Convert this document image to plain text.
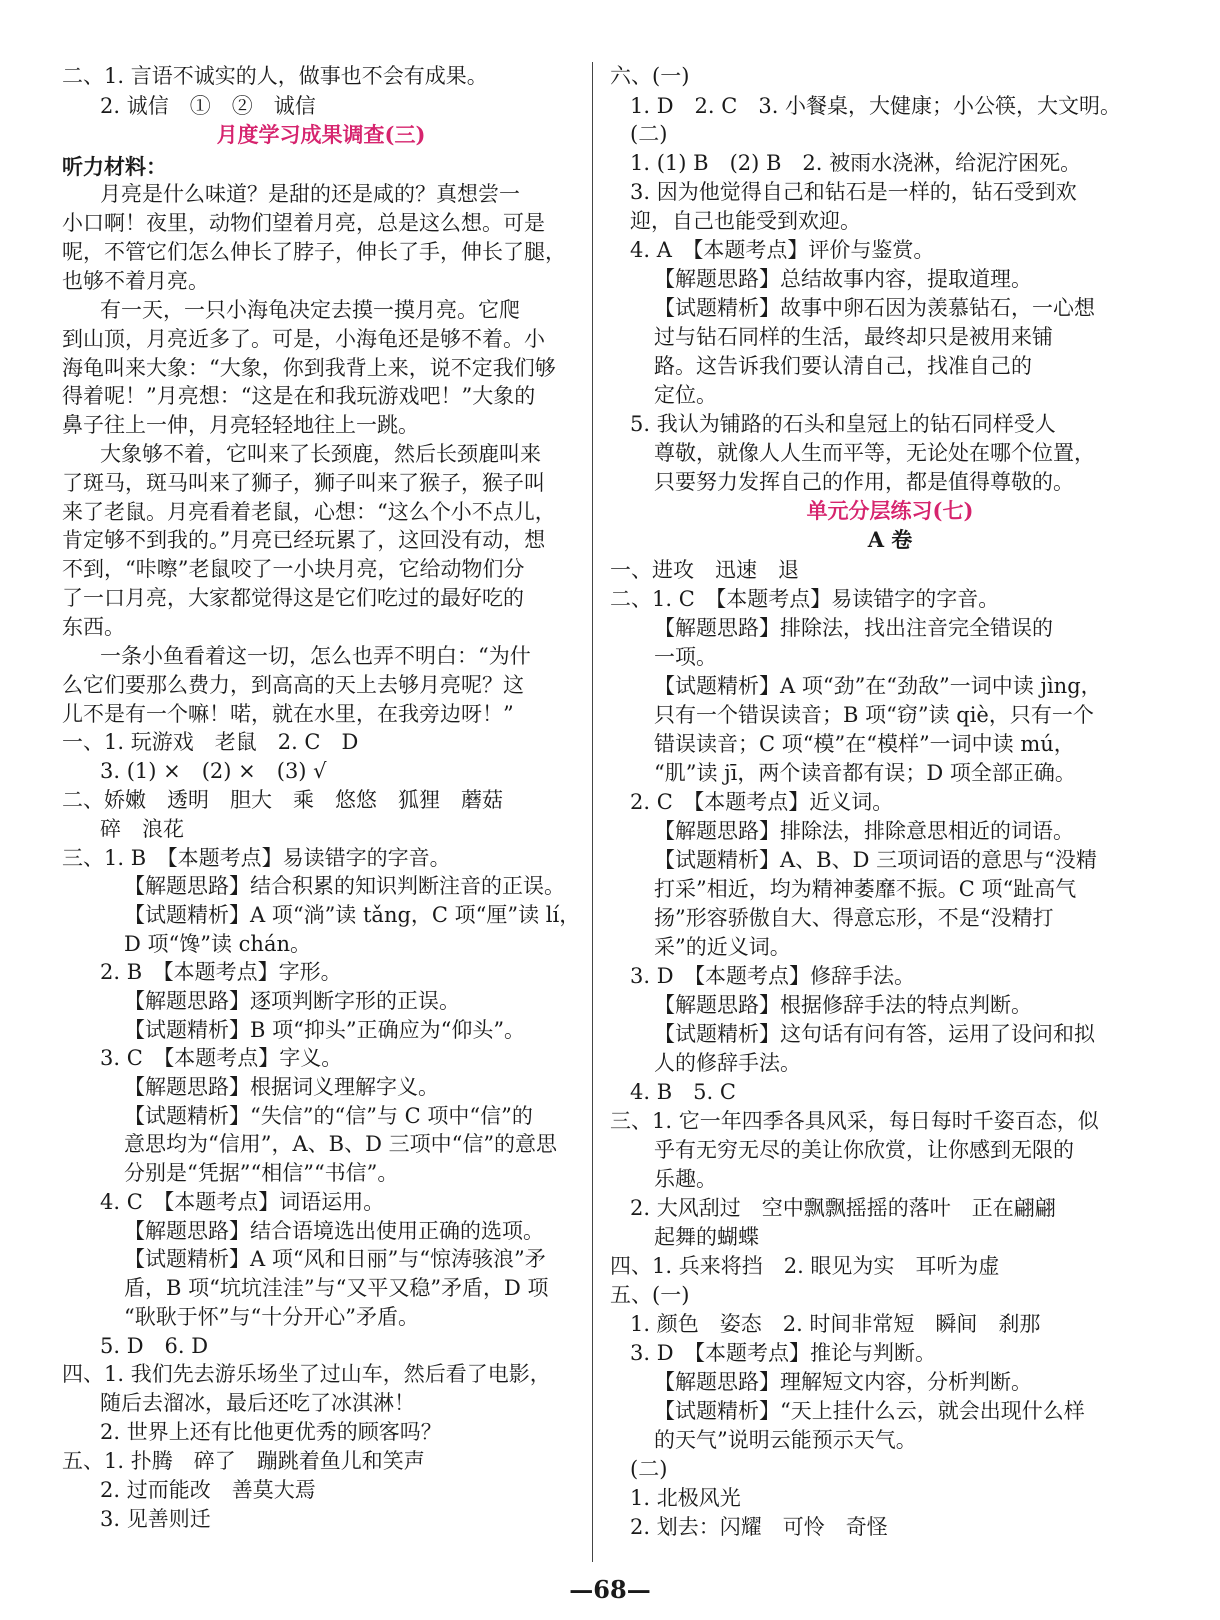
二、1. 言语不诚实的人，做事也不会有成果。
2. 诚信　①　②　诚信
月度学习成果调查(三)
听力材料：
月亮是什么味道？是甜的还是咸的？真想尝一
小口啊！夜里，动物们望着月亮，总是这么想。可是
呢，不管它们怎么伸长了脖子，伸长了手，伸长了腿，
也够不着月亮。
有一天，一只小海龟决定去摸一摸月亮。它爬
到山顶，月亮近多了。可是，小海龟还是够不着。小
海龟叫来大象：“大象，你到我背上来，说不定我们够
得着呢！”月亮想：“这是在和我玩游戏吧！”大象的
鼻子往上一伸，月亮轻轻地往上一跳。
大象够不着，它叫来了长颈鹿，然后长颈鹿叫来
了斑马，斑马叫来了狮子，狮子叫来了猴子，猴子叫
来了老鼠。月亮看着老鼠，心想：“这么个小不点儿，
肯定够不到我的。”月亮已经玩累了，这回没有动，想
不到，“咔嚓”老鼠咬了一小块月亮，它给动物们分
了一口月亮，大家都觉得这是它们吃过的最好吃的
东西。
一条小鱼看着这一切，怎么也弄不明白：“为什
么它们要那么费力，到高高的天上去够月亮呢？这
儿不是有一个嘛！喏，就在水里，在我旁边呀！”
一、1. 玩游戏　老鼠　2. C　D
3. (1) ×　(2) ×　(3) √
二、娇嫩　透明　胆大　乘　悠悠　狐狸　蘑菇
碎　浪花
三、1. B　【本题考点】易读错字的字音。
【解题思路】结合积累的知识判断注音的正误。
【试题精析】A 项“淌”读 tǎng，C 项“厘”读 lí，
D 项“馋”读 chán。
2. B　【本题考点】字形。
【解题思路】逐项判断字形的正误。
【试题精析】B 项“抑头”正确应为“仰头”。
3. C　【本题考点】字义。
【解题思路】根据词义理解字义。
【试题精析】“失信”的“信”与 C 项中“信”的
意思均为“信用”，A、B、D 三项中“信”的意思
分别是“凭据”“相信”“书信”。
4. C　【本题考点】词语运用。
【解题思路】结合语境选出使用正确的选项。
【试题精析】A 项“风和日丽”与“惊涛骇浪”矛
盾，B 项“坑坑洼洼”与“又平又稳”矛盾，D 项
“耿耿于怀”与“十分开心”矛盾。
5. D　6. D
四、1. 我们先去游乐场坐了过山车，然后看了电影，
随后去溜冰，最后还吃了冰淇淋！
2. 世界上还有比他更优秀的顾客吗？
五、1. 扑腾　碎了　蹦跳着鱼儿和笑声
2. 过而能改　善莫大焉
3. 见善则迁
六、(一)
1. D　2. C　3. 小餐桌，大健康；小公筷，大文明。
(二)
1. (1) B　(2) B　2. 被雨水浇淋，给泥泞困死。
3. 因为他觉得自己和钻石是一样的，钻石受到欢
迎，自己也能受到欢迎。
4. A　【本题考点】评价与鉴赏。
【解题思路】总结故事内容，提取道理。
【试题精析】故事中卵石因为羡慕钻石，一心想
过与钻石同样的生活，最终却只是被用来铺
路。这告诉我们要认清自己，找准自己的
定位。
5. 我认为铺路的石头和皇冠上的钻石同样受人
尊敬，就像人人生而平等，无论处在哪个位置，
只要努力发挥自己的作用，都是值得尊敬的。
单元分层练习(七)
A 卷
一、进攻　迅速　退
二、1. C　【本题考点】易读错字的字音。
【解题思路】排除法，找出注音完全错误的
一项。
【试题精析】A 项“劲”在“劲敌”一词中读 jìng，
只有一个错误读音；B 项“窃”读 qiè，只有一个
错误读音；C 项“模”在“模样”一词中读 mú，
“肌”读 jī，两个读音都有误；D 项全部正确。
2. C　【本题考点】近义词。
【解题思路】排除法，排除意思相近的词语。
【试题精析】A、B、D 三项词语的意思与“没精
打采”相近，均为精神萎靡不振。C 项“趾高气
扬”形容骄傲自大、得意忘形，不是“没精打
采”的近义词。
3. D　【本题考点】修辞手法。
【解题思路】根据修辞手法的特点判断。
【试题精析】这句话有问有答，运用了设问和拟
人的修辞手法。
4. B　5. C
三、1. 它一年四季各具风采，每日每时千姿百态，似
乎有无穷无尽的美让你欣赏，让你感到无限的
乐趣。
2. 大风刮过　空中飘飘摇摇的落叶　正在翩翩
起舞的蝴蝶
四、1. 兵来将挡　2. 眼见为实　耳听为虚
五、(一)
1. 颜色　姿态　2. 时间非常短　瞬间　刹那
3. D　【本题考点】推论与判断。
【解题思路】理解短文内容，分析判断。
【试题精析】“天上挂什么云，就会出现什么样
的天气”说明云能预示天气。
(二)
1. 北极风光
2. 划去：闪耀　可怜　奇怪
—68—
